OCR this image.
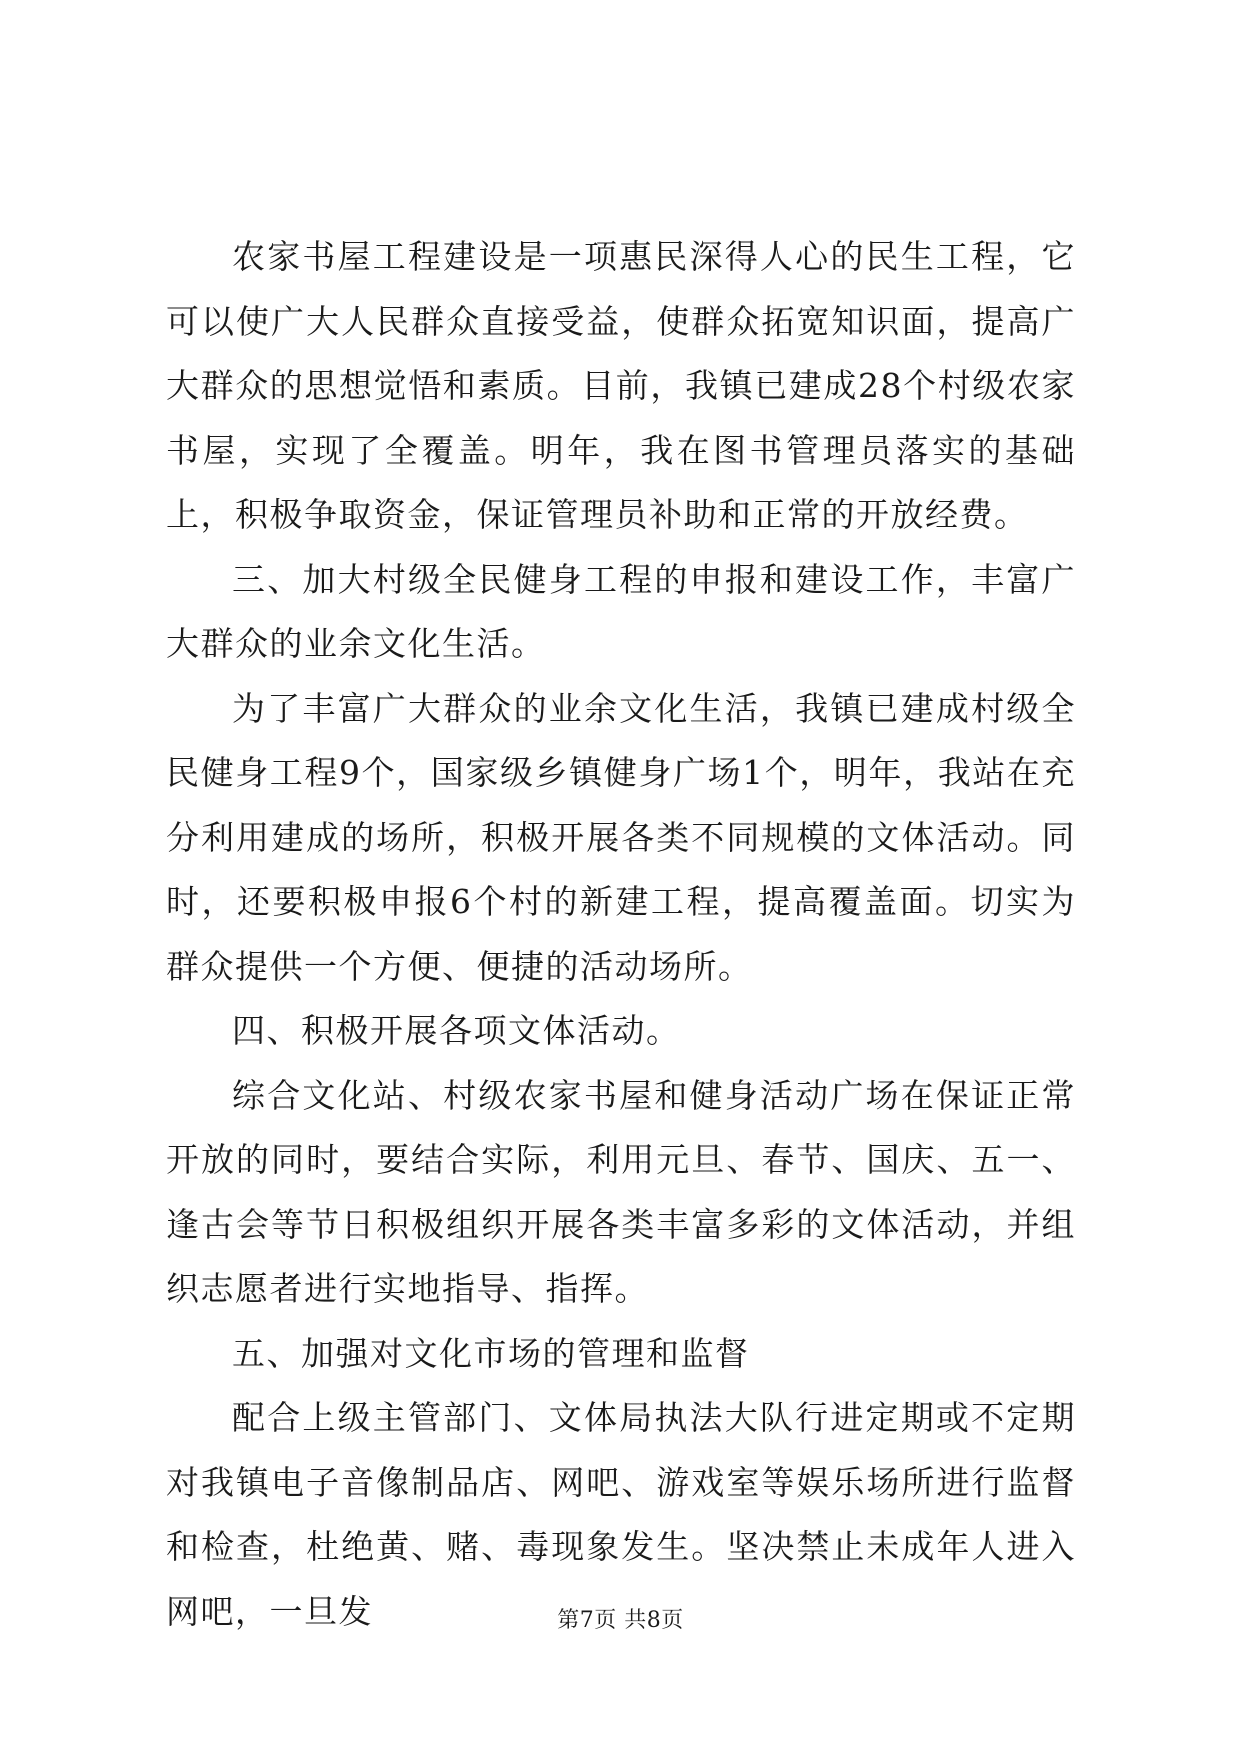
农家书屋工程建设是一项惠民深得人心的民生工程，它可以使广大人民群众直接受益，使群众拓宽知识面，提高广大群众的思想觉悟和素质。目前，我镇已建成28个村级农家书屋，实现了全覆盖。明年，我在图书管理员落实的基础上，积极争取资金，保证管理员补助和正常的开放经费。

三、加大村级全民健身工程的申报和建设工作，丰富广大群众的业余文化生活。

为了丰富广大群众的业余文化生活，我镇已建成村级全民健身工程9个，国家级乡镇健身广场1个，明年，我站在充分利用建成的场所，积极开展各类不同规模的文体活动。同时，还要积极申报6个村的新建工程，提高覆盖面。切实为群众提供一个方便、便捷的活动场所。

四、积极开展各项文体活动。

综合文化站、村级农家书屋和健身活动广场在保证正常开放的同时，要结合实际，利用元旦、春节、国庆、五一、逢古会等节日积极组织开展各类丰富多彩的文体活动，并组织志愿者进行实地指导、指挥。

五、加强对文化市场的管理和监督

配合上级主管部门、文体局执法大队行进定期或不定期对我镇电子音像制品店、网吧、游戏室等娱乐场所进行监督和检查，杜绝黄、赌、毒现象发生。坚决禁止未成年人进入网吧，一旦发	第7页 共8页
